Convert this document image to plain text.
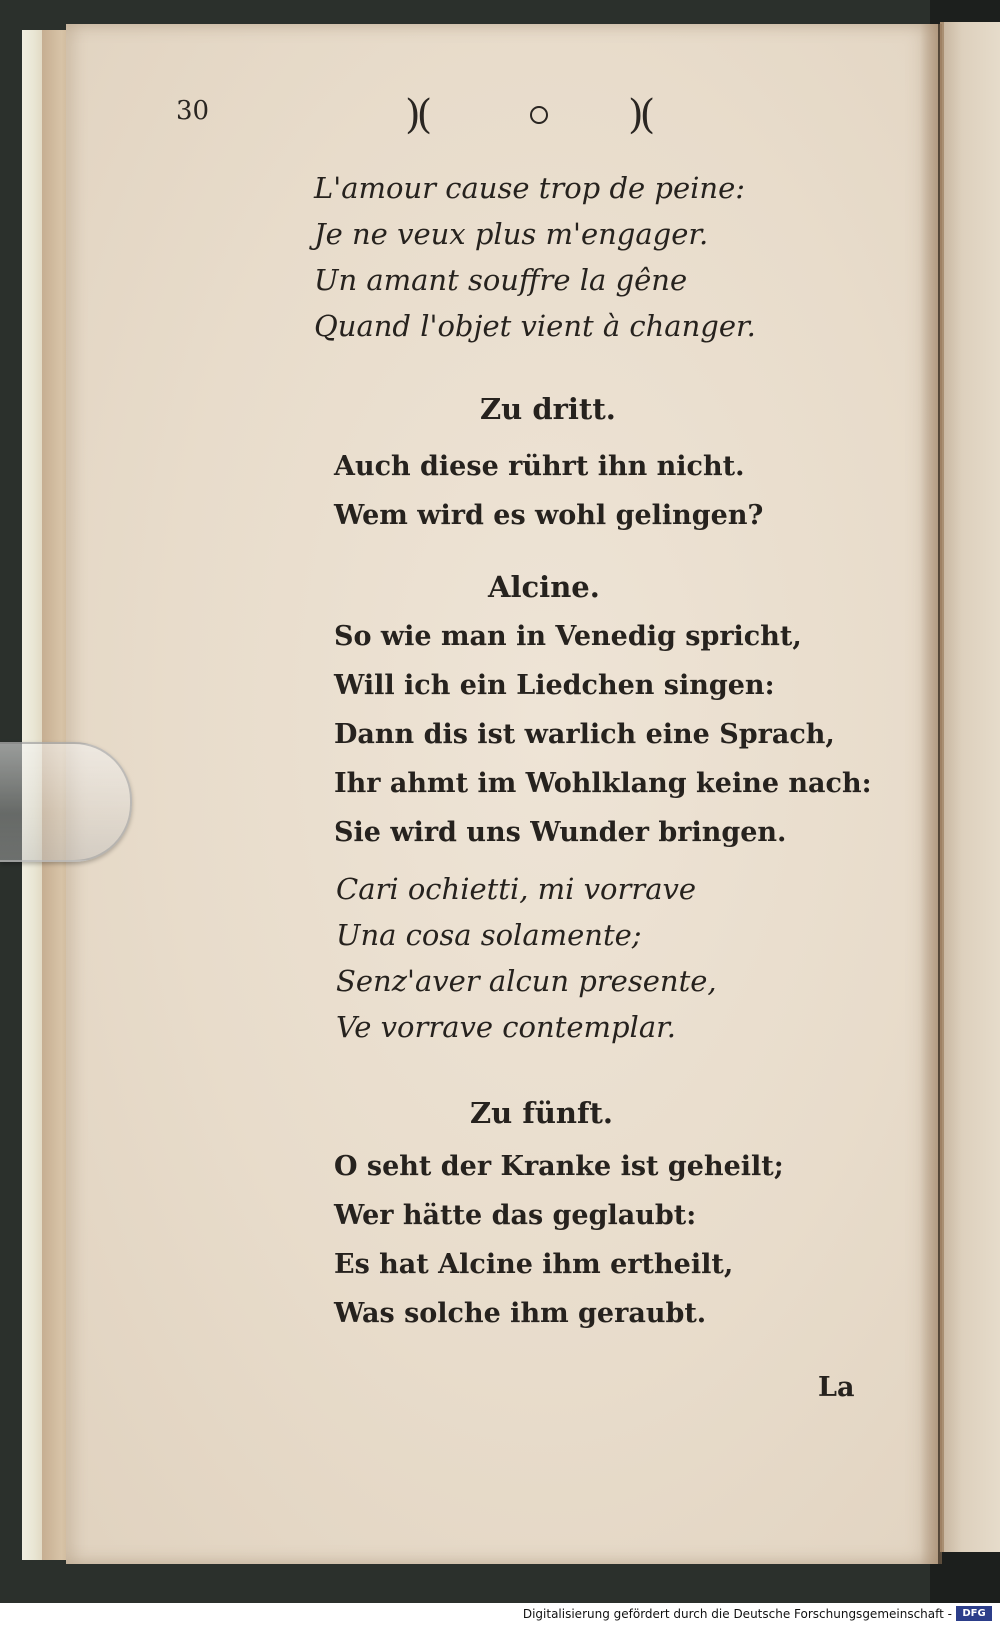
30	)(	)(
L'amour cause trop de peine:
Je ne veux plus m'engager.
Un amant souffre la gêne
Quand l'objet vient à changer.
Zu dritt.
Auch diese rührt ihn nicht.
Wem wird es wohl gelingen?
Alcine.
So wie man in Venedig spricht,
Will ich ein Liedchen singen:
Dann dis ist warlich eine Sprach,
Ihr ahmt im Wohlklang keine nach:
Sie wird uns Wunder bringen.
Cari ochietti, mi vorrave
Una cosa solamente;
Senz'aver alcun presente,
Ve vorrave contemplar.
Zu fünft.
O seht der Kranke ist geheilt;
Wer hätte das geglaubt:
Es hat Alcine ihm ertheilt,
Was solche ihm geraubt.
La
Digitalisierung gefördert durch die Deutsche Forschungsgemeinschaft -	DFG
